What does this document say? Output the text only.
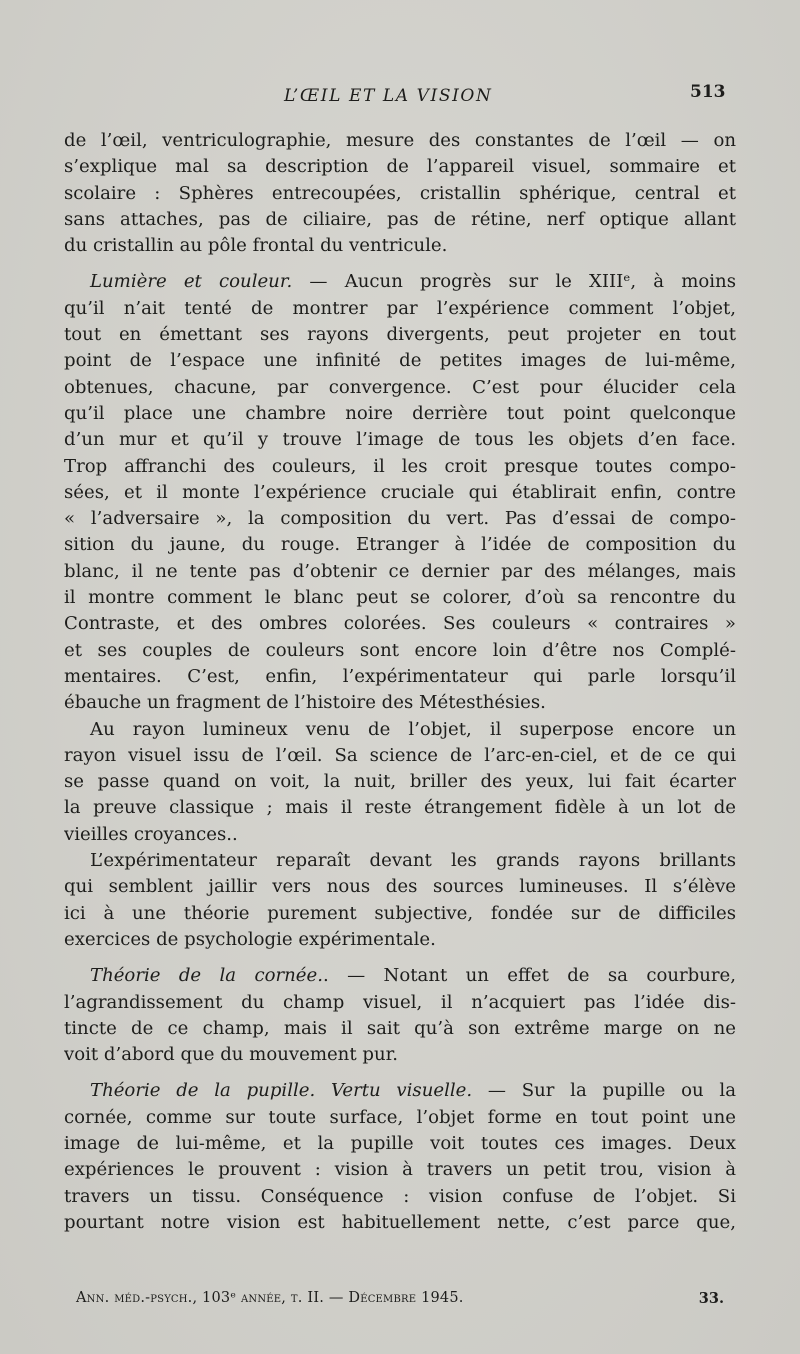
L’ŒIL ET LA VISION	513
de l’œil, ventriculographie, mesure des constantes de l’œil — on
s’explique mal sa description de l’appareil visuel, sommaire et
scolaire : Sphères entrecoupées, cristallin sphérique, central et
sans attaches, pas de ciliaire, pas de rétine, nerf optique allant
du cristallin au pôle frontal du ventricule.
Lumière et couleur. — Aucun progrès sur le XIIIᵉ, à moins
qu’il n’ait tenté de montrer par l’expérience comment l’objet,
tout en émettant ses rayons divergents, peut projeter en tout
point de l’espace une infinité de petites images de lui-même,
obtenues, chacune, par convergence. C’est pour élucider cela
qu’il place une chambre noire derrière tout point quelconque
d’un mur et qu’il y trouve l’image de tous les objets d’en face.
Trop affranchi des couleurs, il les croit presque toutes compo-
sées, et il monte l’expérience cruciale qui établirait enfin, contre
« l’adversaire », la composition du vert. Pas d’essai de compo-
sition du jaune, du rouge. Etranger à l’idée de composition du
blanc, il ne tente pas d’obtenir ce dernier par des mélanges, mais
il montre comment le blanc peut se colorer, d’où sa rencontre du
Contraste, et des ombres colorées. Ses couleurs « contraires »
et ses couples de couleurs sont encore loin d’être nos Complé-
mentaires. C’est, enfin, l’expérimentateur qui parle lorsqu’il
ébauche un fragment de l’histoire des Métesthésies.
Au rayon lumineux venu de l’objet, il superpose encore un
rayon visuel issu de l’œil. Sa science de l’arc-en-ciel, et de ce qui
se passe quand on voit, la nuit, briller des yeux, lui fait écarter
la preuve classique ; mais il reste étrangement fidèle à un lot de
vieilles croyances..
L’expérimentateur reparaît devant les grands rayons brillants
qui semblent jaillir vers nous des sources lumineuses. Il s’élève
ici à une théorie purement subjective, fondée sur de difficiles
exercices de psychologie expérimentale.
Théorie de la cornée.. — Notant un effet de sa courbure,
l’agrandissement du champ visuel, il n’acquiert pas l’idée dis-
tincte de ce champ, mais il sait qu’à son extrême marge on ne
voit d’abord que du mouvement pur.
Théorie de la pupille. Vertu visuelle. — Sur la pupille ou la
cornée, comme sur toute surface, l’objet forme en tout point une
image de lui-même, et la pupille voit toutes ces images. Deux
expériences le prouvent : vision à travers un petit trou, vision à
travers un tissu. Conséquence : vision confuse de l’objet. Si
pourtant notre vision est habituellement nette, c’est parce que,
Ann. méd.-psych., 103ᵉ année, t. II. — Décembre 1945.	33.
